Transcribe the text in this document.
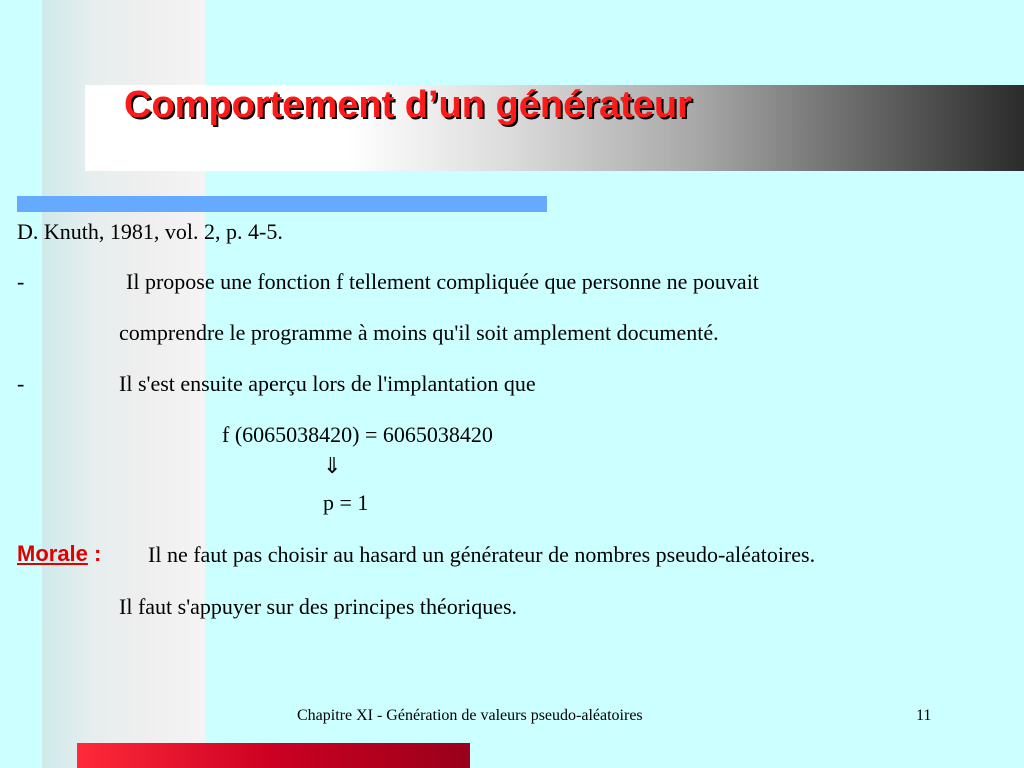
Comportement d’un générateur
D. Knuth, 1981, vol. 2, p. 4-5.
-	Il propose une fonction f tellement compliquée que personne ne pouvait
comprendre le programme à moins qu'il soit amplement documenté.
-	Il s'est ensuite aperçu lors de l'implantation que
f (6065038420) = 6065038420
⇓
p = 1
Morale : Il ne faut pas choisir au hasard un générateur de nombres pseudo-aléatoires.
Il faut s'appuyer sur des principes théoriques.
Chapitre XI - Génération de valeurs pseudo-aléatoires	11
